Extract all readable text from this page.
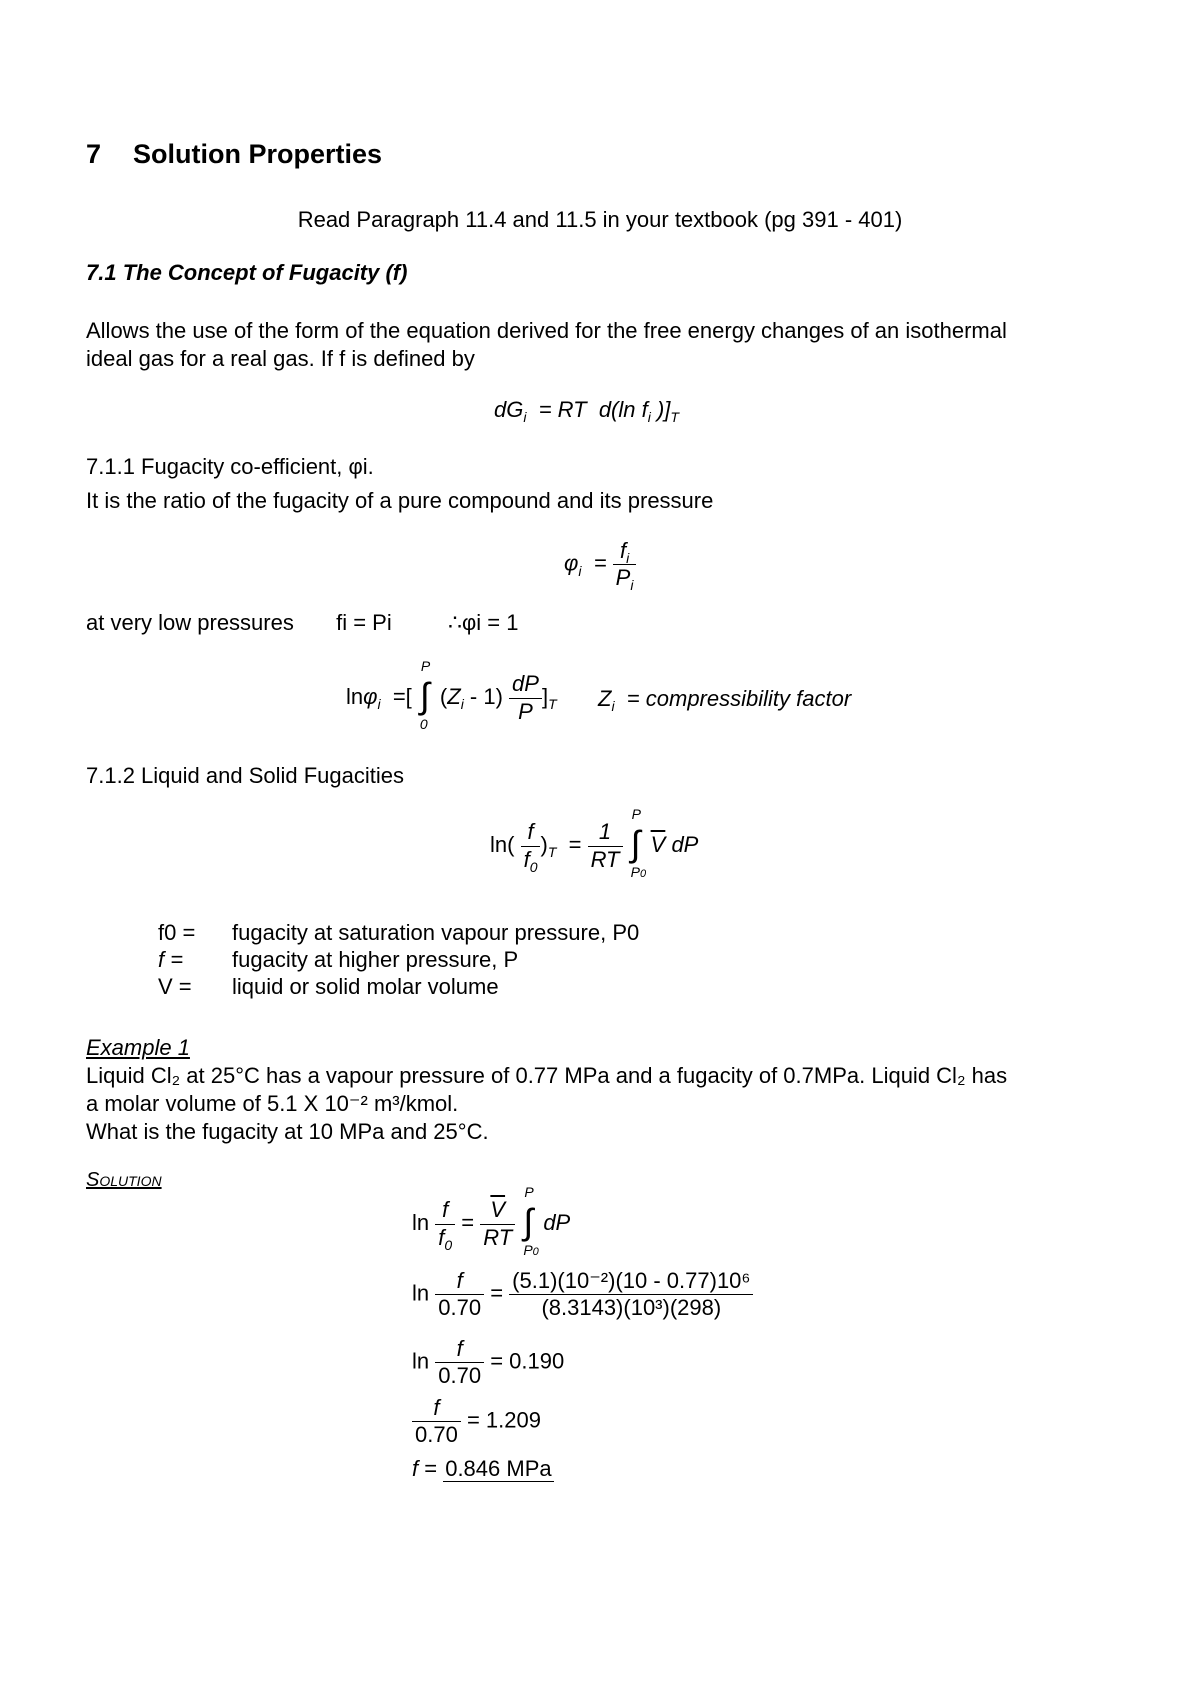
7 Solution Properties
Read Paragraph 11.4 and 11.5 in your textbook (pg 391 - 401)
7.1 The Concept of Fugacity (f)
Allows the use of the form of the equation derived for the free energy changes of an isothermal
ideal gas for a real gas. If f is defined by
$dG_i$  = RT  d(ln $f_i$ )]$_T$
7.1.1 Fugacity co-efficient, φi.
It is the ratio of the fugacity of a pure compound and its pressure
$\varphi_i = \frac{f_i}{P_i}$
at very low pressures fi = Pi	∴φi = 1
lnφ$_i$  =[
P
∫
0
$(Z_i - 1) \frac{dP}{P} ]_T$ $Z_i$  = compressibility factor
7.1.2 Liquid and Solid Fugacities
$\ln( \frac{f}{f_0} )_T = \frac{1}{RT}$

P
∫
P0
$\overline{V}$ dP
f0 = fugacity at saturation vapour pressure, P0
f = fugacity at higher pressure, P
V = liquid or solid molar volume
Example 1
Liquid Cl₂ at 25°C has a vapour pressure of 0.77 MPa and a fugacity of 0.7MPa. Liquid Cl₂ has
a molar volume of 5.1 X 10⁻² m³/kmol.
What is the fugacity at 10 MPa and 25°C.
Solution
$\ln \frac{f}{f_0} = \frac{\overline{V}}{RT}$

P
∫
P0
dP
$\ln \frac{f}{0.70} = \frac{\text{(5.1)(10⁻²)(10 - 0.77)10⁶}}{\text{(8.3143)(10³)(298)}}$
$\ln \frac{f}{0.70} = 0.190$
$\frac{f}{0.70} = 1.209$
f = 0.846 MPa
